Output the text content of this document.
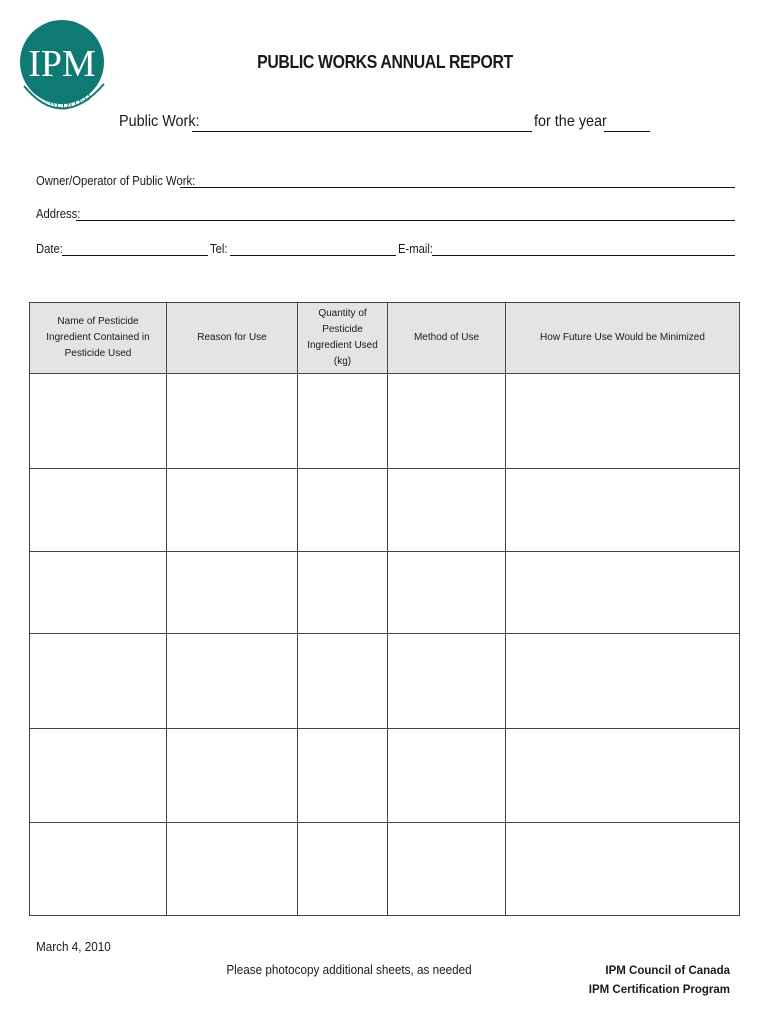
IPM
ACCREDITED
PUBLIC WORKS ANNUAL REPORT
Public Work:	for the year
Owner/Operator of Public Work:
Address:
Date:	Tel:	E-mail:
Name of Pesticide Ingredient Contained in Pesticide Used	Reason for Use	Quantity of Pesticide Ingredient Used (kg)	Method of Use	How Future Use Would be Minimized

March 4, 2010
Please photocopy additional sheets, as needed	IPM Council of Canada
IPM Certification Program
